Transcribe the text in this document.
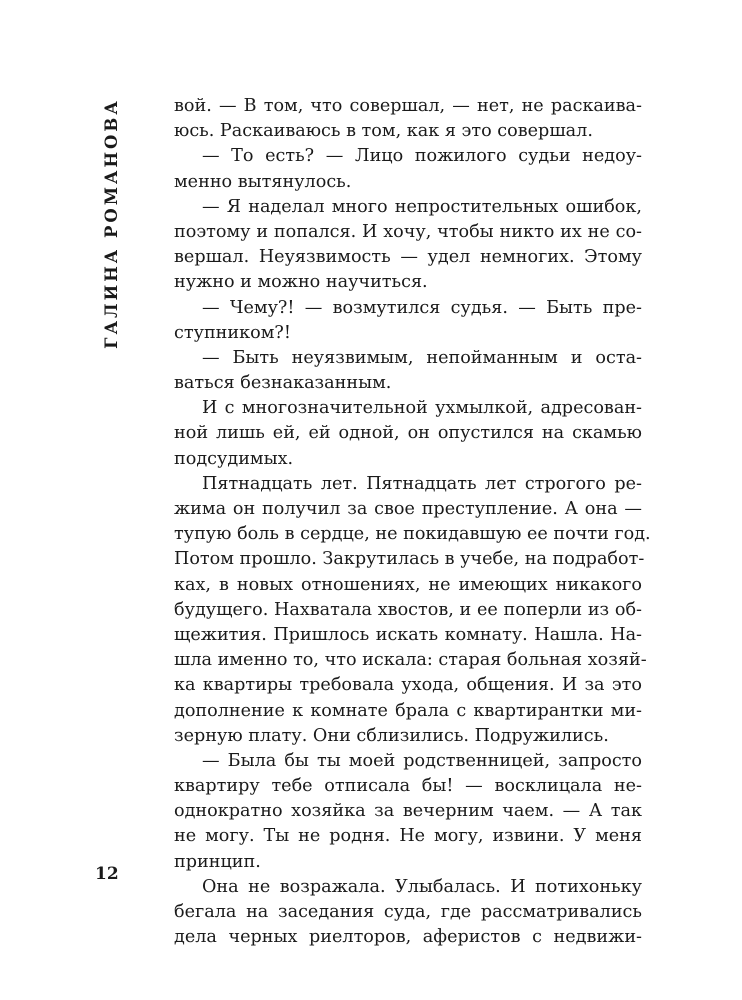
ГАЛИНА РОМАНОВА	вой. — В том, что совершал, — нет, не раскаива-
юсь. Раскаиваюсь в том, как я это совершал.
— То есть? — Лицо пожилого судьи недоу-
менно вытянулось.
— Я наделал много непростительных ошибок,
поэтому и попался. И хочу, чтобы никто их не со-
вершал. Неуязвимость — удел немногих. Этому
нужно и можно научиться.
— Чему?! — возмутился судья. — Быть пре-
ступником?!
— Быть неуязвимым, непойманным и оста-
ваться безнаказанным.
И с многозначительной ухмылкой, адресован-
ной лишь ей, ей одной, он опустился на скамью
подсудимых.
Пятнадцать лет. Пятнадцать лет строгого ре-
жима он получил за свое преступление. А она —
тупую боль в сердце, не покидавшую ее почти год.
Потом прошло. Закрутилась в учебе, на подработ-
ках, в новых отношениях, не имеющих никакого
будущего. Нахватала хвостов, и ее поперли из об-
щежития. Пришлось искать комнату. Нашла. На-
шла именно то, что искала: старая больная хозяй-
ка квартиры требовала ухода, общения. И за это
дополнение к комнате брала с квартирантки ми-
зерную плату. Они сблизились. Подружились.
— Была бы ты моей родственницей, запросто
квартиру тебе отписала бы! — восклицала не-
однократно хозяйка за вечерним чаем. — А так
не могу. Ты не родня. Не могу, извини. У меня
принцип.
Она не возражала. Улыбалась. И потихоньку
бегала на заседания суда, где рассматривались
дела черных риелторов, аферистов с недвижи-
12
